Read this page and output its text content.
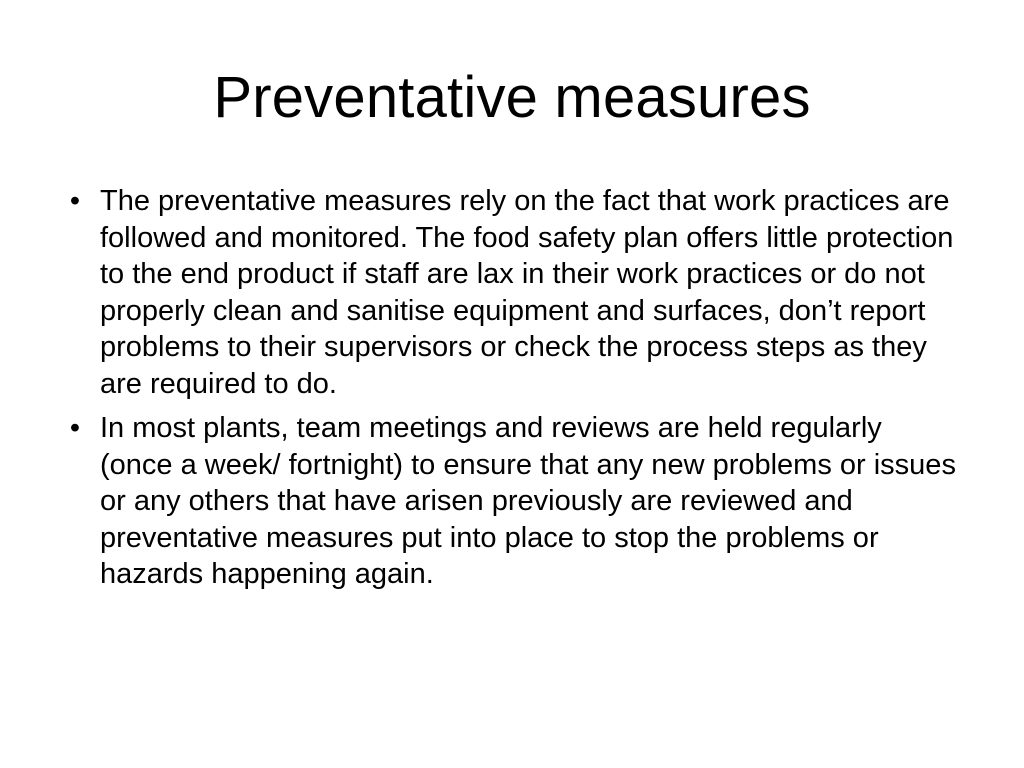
Preventative measures
• The preventative measures rely on the fact that work practices are followed and monitored. The food safety plan offers little protection to the end product if staff are lax in their work practices or do not properly clean and sanitise equipment and surfaces, don’t report problems to their supervisors or check the process steps as they are required to do.
• In most plants, team meetings and reviews are held regularly (once a week/ fortnight) to ensure that any new problems or issues or any others that have arisen previously are reviewed and preventative measures put into place to stop the problems or hazards happening again.
